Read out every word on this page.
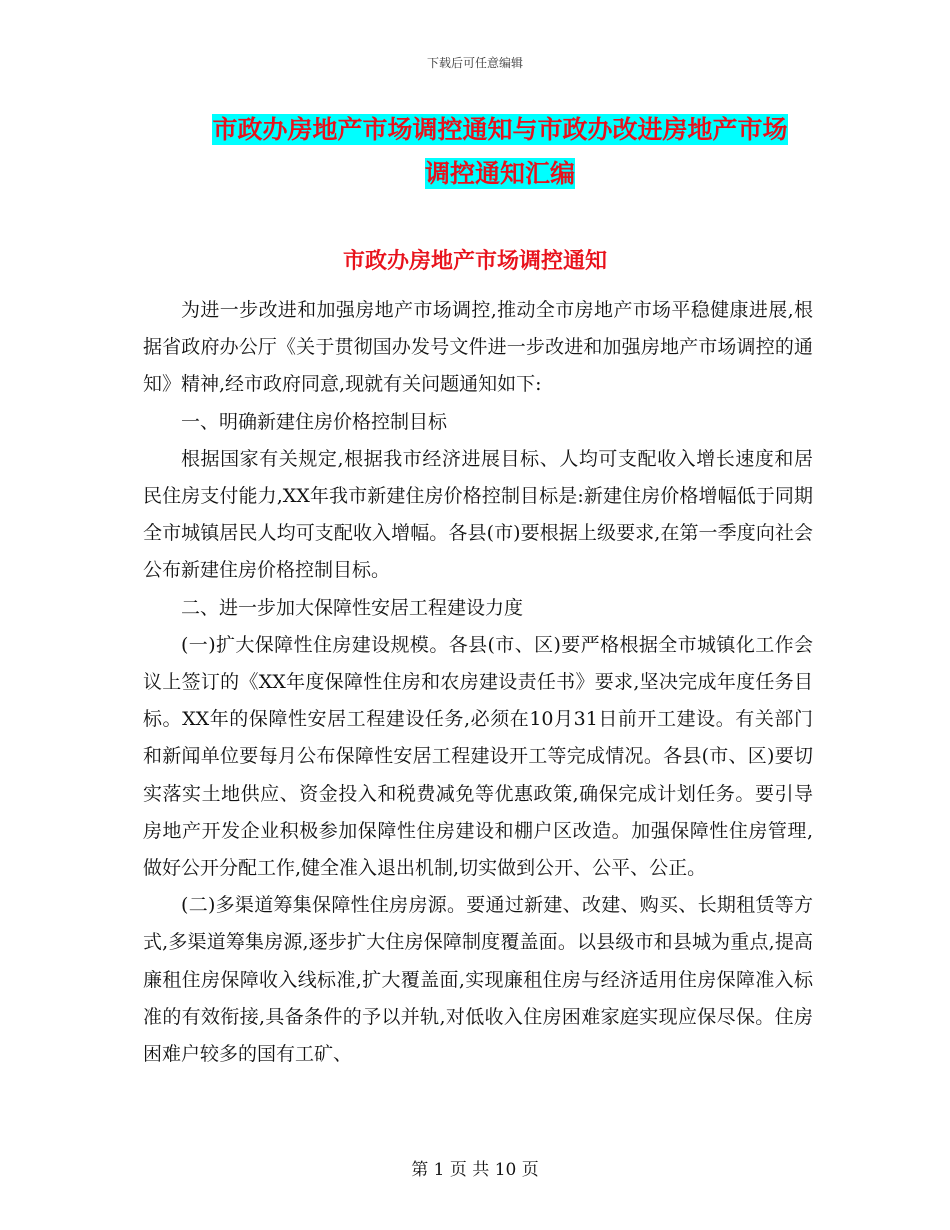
下载后可任意编辑
市政办房地产市场调控通知与市政办改进房地产市场
调控通知汇编
市政办房地产市场调控通知

为进一步改进和加强房地产市场调控,推动全市房地产市场平稳健康进展,根据省政府办公厅《关于贯彻国办发号文件进一步改进和加强房地产市场调控的通知》精神,经市政府同意,现就有关问题通知如下:

一、明确新建住房价格控制目标

根据国家有关规定,根据我市经济进展目标、人均可支配收入增长速度和居民住房支付能力,XX年我市新建住房价格控制目标是:新建住房价格增幅低于同期全市城镇居民人均可支配收入增幅。各县(市)要根据上级要求,在第一季度向社会公布新建住房价格控制目标。

二、进一步加大保障性安居工程建设力度

(一)扩大保障性住房建设规模。各县(市、区)要严格根据全市城镇化工作会议上签订的《XX年度保障性住房和农房建设责任书》要求,坚决完成年度任务目标。XX年的保障性安居工程建设任务,必须在10月31日前开工建设。有关部门和新闻单位要每月公布保障性安居工程建设开工等完成情况。各县(市、区)要切实落实土地供应、资金投入和税费减免等优惠政策,确保完成计划任务。要引导房地产开发企业积极参加保障性住房建设和棚户区改造。加强保障性住房管理,做好公开分配工作,健全准入退出机制,切实做到公开、公平、公正。

(二)多渠道筹集保障性住房房源。要通过新建、改建、购买、长期租赁等方式,多渠道筹集房源,逐步扩大住房保障制度覆盖面。以县级市和县城为重点,提高廉租住房保障收入线标准,扩大覆盖面,实现廉租住房与经济适用住房保障准入标准的有效衔接,具备条件的予以并轨,对低收入住房困难家庭实现应保尽保。住房困难户较多的国有工矿、

第 1 页 共 10 页
